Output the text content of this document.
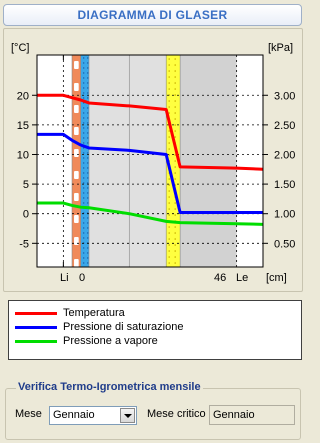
DIAGRAMMA DI GLASER
[°C]	[kPa]
20
15
10
5
0
-5
3.00
2.50
2.00
1.50
1.00
0.50
Li 0	46 Le [cm]
Temperatura
Pressione di saturazione
Pressione a vapore
Verifica Termo-Igrometrica mensile
Mese Gennaio	Mese critico Gennaio
